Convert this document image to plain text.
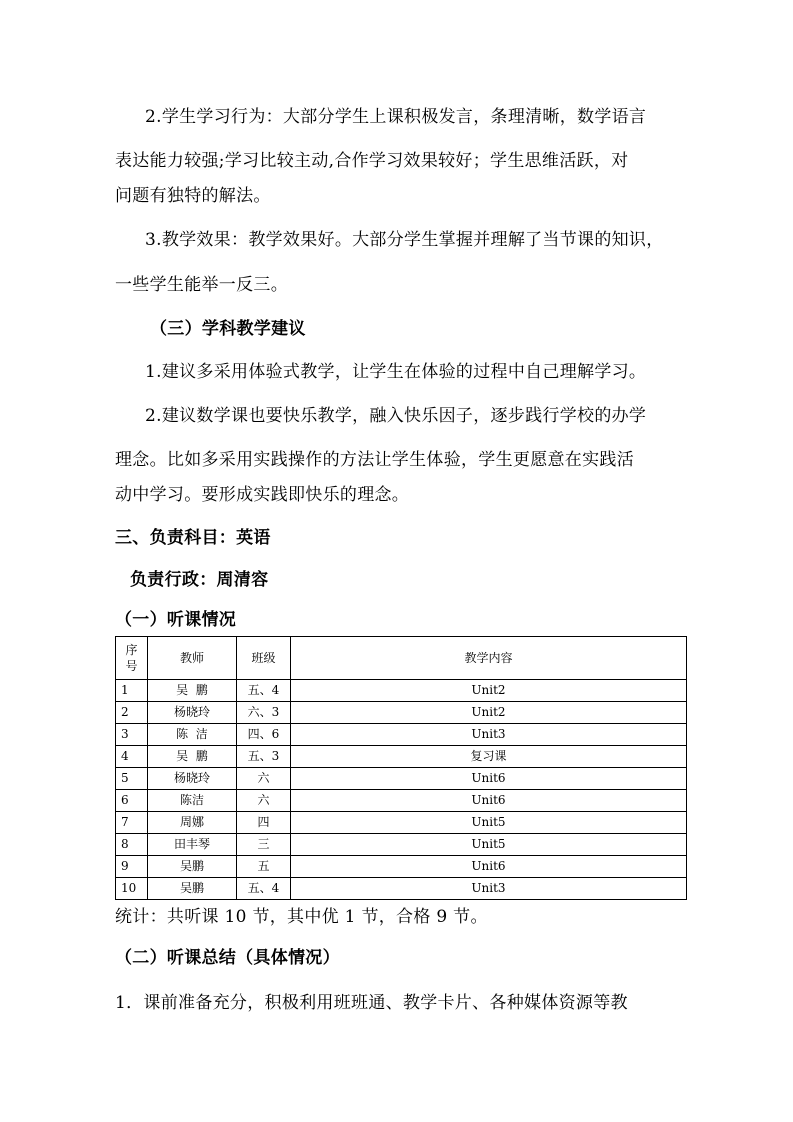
2.学生学习行为：大部分学生上课积极发言，条理清晰，数学语言
表达能力较强;学习比较主动,合作学习效果较好；学生思维活跃，对
问题有独特的解法。
3.教学效果：教学效果好。大部分学生掌握并理解了当节课的知识，
一些学生能举一反三。
（三）学科教学建议
1.建议多采用体验式教学，让学生在体验的过程中自己理解学习。
2.建议数学课也要快乐教学，融入快乐因子，逐步践行学校的办学
理念。比如多采用实践操作的方法让学生体验，学生更愿意在实践活
动中学习。要形成实践即快乐的理念。
三、负责科目：英语
负责行政：周清容
（一）听课情况
序
号	教师	班级	教学内容
1	吴  鹏	五、4	Unit2
2	杨晓玲	六、3	Unit2
3	陈  洁	四、6	Unit3
4	吴  鹏	五、3	复习课
5	杨晓玲	六	Unit6
6	陈洁	六	Unit6
7	周娜	四	Unit5
8	田丰琴	三	Unit5
9	吴鹏	五	Unit6
10	吴鹏	五、4	Unit3
统计：共听课 10 节，其中优 1 节，合格 9 节。
（二）听课总结（具体情况）
1．课前准备充分，积极利用班班通、教学卡片、各种媒体资源等教
